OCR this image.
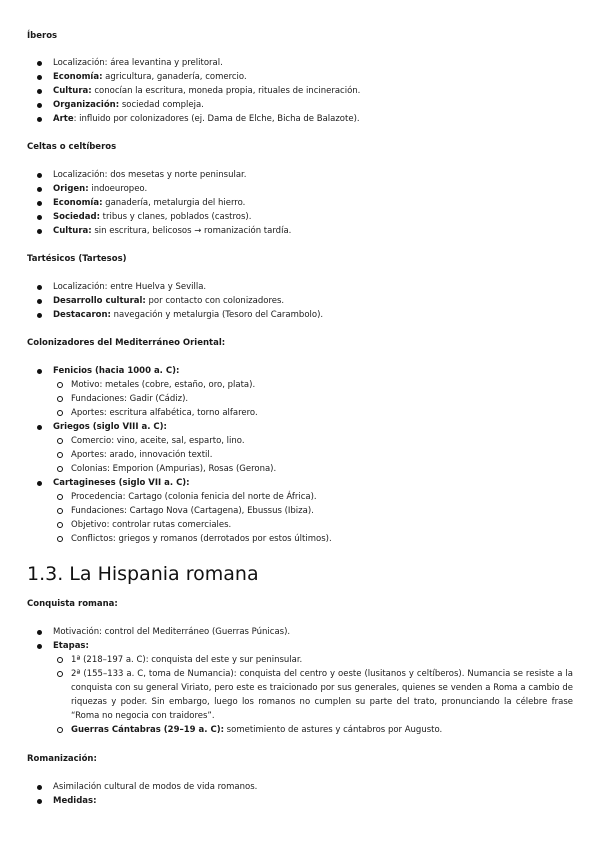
Íberos

Localización: área levantina y prelitoral.
Economía: agricultura, ganadería, comercio.
Cultura: conocían la escritura, moneda propia, rituales de incineración.
Organización: sociedad compleja.
Arte: influido por colonizadores (ej. Dama de Elche, Bicha de Balazote).

Celtas o celtíberos

Localización: dos mesetas y norte peninsular.
Origen: indoeuropeo.
Economía: ganadería, metalurgia del hierro.
Sociedad: tribus y clanes, poblados (castros).
Cultura: sin escritura, belicosos → romanización tardía.

Tartésicos (Tartesos)

Localización: entre Huelva y Sevilla.
Desarrollo cultural: por contacto con colonizadores.
Destacaron: navegación y metalurgia (Tesoro del Carambolo).

Colonizadores del Mediterráneo Oriental:

Fenicios (hacia 1000 a. C):
Motivo: metales (cobre, estaño, oro, plata).
Fundaciones: Gadir (Cádiz).
Aportes: escritura alfabética, torno alfarero.
Griegos (siglo VIII a. C):
Comercio: vino, aceite, sal, esparto, lino.
Aportes: arado, innovación textil.
Colonias: Emporion (Ampurias), Rosas (Gerona).
Cartagineses (siglo VII a. C):
Procedencia: Cartago (colonia fenicia del norte de África).
Fundaciones: Cartago Nova (Cartagena), Ebussus (Ibiza).
Objetivo: controlar rutas comerciales.
Conflictos: griegos y romanos (derrotados por estos últimos).
1.3. La Hispania romana

Conquista romana:

Motivación: control del Mediterráneo (Guerras Púnicas).
Etapas:
1ª (218–197 a. C): conquista del este y sur peninsular.
2ª (155–133 a. C, toma de Numancia): conquista del centro y oeste (lusitanos y celtíberos). Numancia se resiste a la conquista con su general Viriato, pero este es traicionado por sus generales, quienes se venden a Roma a cambio de riquezas y poder. Sin embargo, luego los romanos no cumplen su parte del trato, pronunciando la célebre frase “Roma no negocia con traidores”.
Guerras Cántabras (29–19 a. C): sometimiento de astures y cántabros por Augusto.

Romanización:

Asimilación cultural de modos de vida romanos.
Medidas:
